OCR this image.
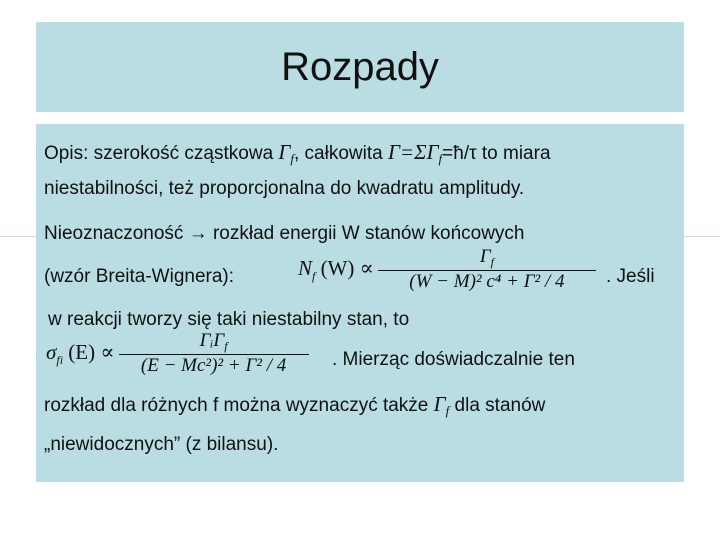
Rozpady
Opis: szerokość cząstkowa $\Gamma_f$, całkowita $\Gamma=\Sigma\Gamma_f=ħ/\tau$ to miara
niestabilności, też proporcjonalna do kwadratu amplitudy.
Nieoznaczoność → rozkład energii W stanów końcowych
(wzór Breita-Wignera):	$N_f$ $(W) \propto \frac{\Gamma_f}{\text{(W − M)² c⁴ + Γ² / 4}}$ . Jeśli
w reakcji tworzy się taki niestabilny stan, to
$\sigma_{fi}$ $(E) \propto \frac{\Gamma ᵢ\Gamma_f}{\text{(E − Mc²)² + Γ² / 4}}$ . Mierząc doświadczalnie ten
rozkład dla różnych f można wyznaczyć także $\Gamma_f$ dla stanów
„niewidocznych” (z bilansu).
